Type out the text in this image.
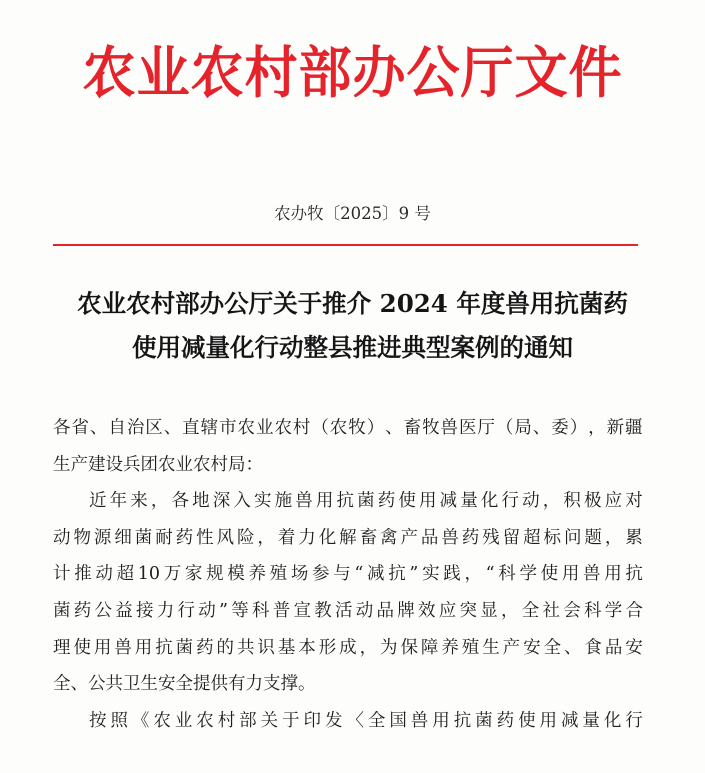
农业农村部办公厅文件
农办牧〔2025〕9 号
农业农村部办公厅关于推介 2024 年度兽用抗菌药
使用减量化行动整县推进典型案例的通知
各 省 、 自 治 区 、 直 辖 市 农 业 农 村 （ 农 牧 ） 、 畜 牧 兽 医 厅 （ 局 、 委 ） ， 新 疆
生 产 建 设 兵 团 农 业 农 村 局 ：
近 年 来 ， 各 地 深 入 实 施 兽 用 抗 菌 药 使 用 减 量 化 行 动 ， 积 极 应 对
动 物 源 细 菌 耐 药 性 风 险 ， 着 力 化 解 畜 禽 产 品 兽 药 残 留 超 标 问 题 ， 累
计 推 动 超 10 万 家 规 模 养 殖 场 参 与 “ 减 抗 ” 实 践 ， “ 科 学 使 用 兽 用 抗
菌 药 公 益 接 力 行 动 ” 等 科 普 宣 教 活 动 品 牌 效 应 突 显 ， 全 社 会 科 学 合
理 使 用 兽 用 抗 菌 药 的 共 识 基 本 形 成 ， 为 保 障 养 殖 生 产 安 全 、 食 品 安
全 、 公 共 卫 生 安 全 提 供 有 力 支 撑 。
按 照 《 农 业 农 村 部 关 于 印 发 〈 全 国 兽 用 抗 菌 药 使 用 减 量 化 行
